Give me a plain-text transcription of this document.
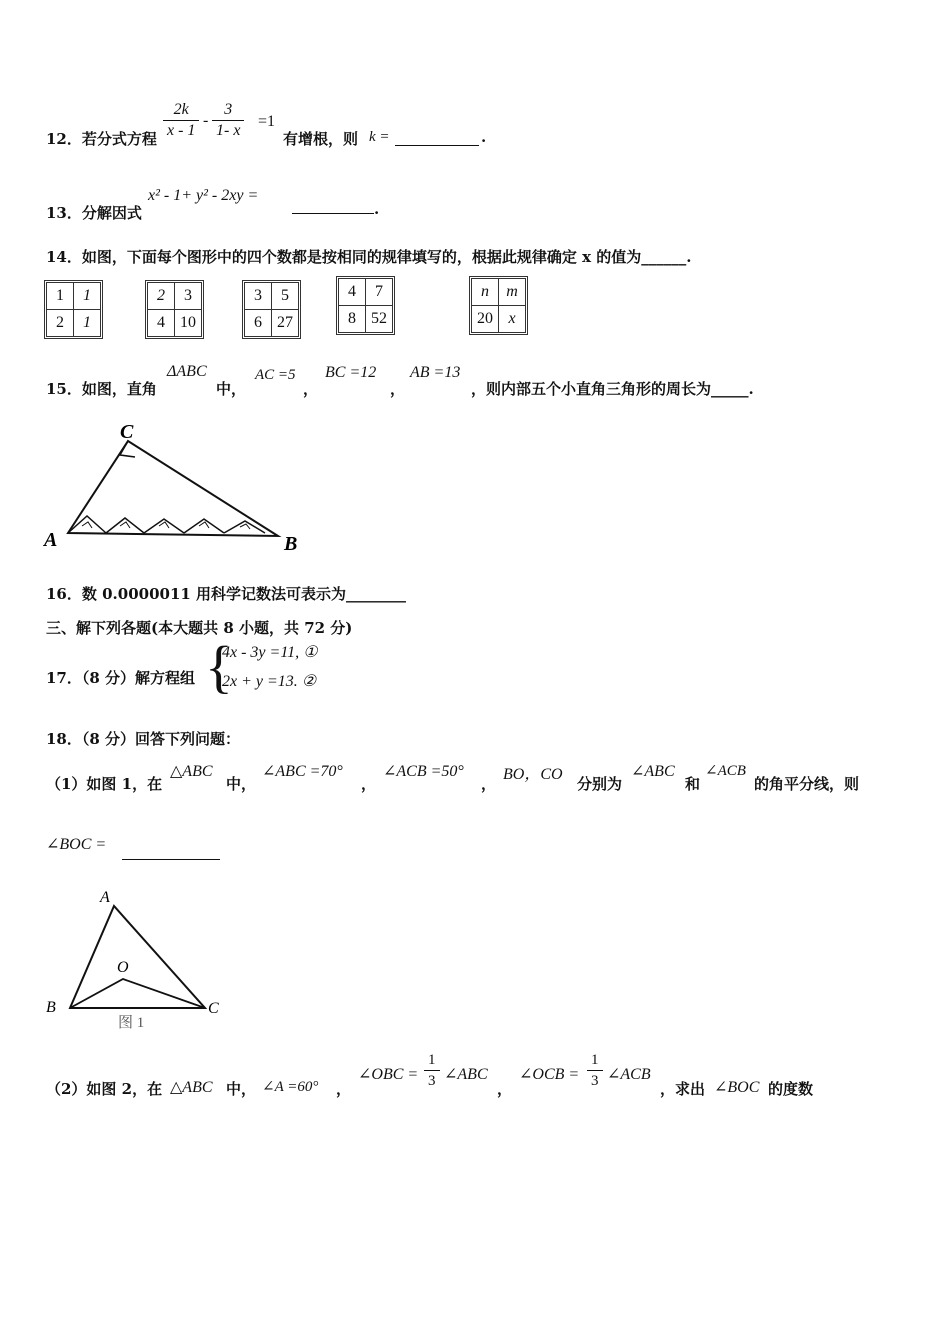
12．若分式方程 $\frac{2k}{x - 1} - \frac{3}{1- x} =1$
有增根，则 k =	.
13．分解因式
x² - 1+ y² - 2xy =
.
14．如图，下面每个图形中的四个数都是按相同的规律填写的，根据此规律确定 x 的值为______.
1	1
2	1
2	3
4	10
3	5
6	27
4	7
8	52
n	m
20	x
15．如图，直角
ΔABC
中，
AC =5
，
BC =12
，
AB =13
，则内部五个小直角三角形的周长为_____.
A	B
C
16．数 0.0000011 用科学记数法可表示为________
三、解下列各题(本大题共 8 小题，共 72 分)
17．（8 分）解方程组 {
4x - 3y =11, ①
2x + y =13. ②
18．（8 分）回答下列问题：
（1）如图 1，在
△ABC
中，
∠ABC =70°
，
∠ACB =50°
，
BO，CO
分别为
∠ABC
和
∠ACB
的角平分线，则
∠BOC =
A
O
B	C
图 1
（2）如图 2，在 △ABC 中， ∠A =60° ，
∠OBC = $\frac{1}{3}$ ∠ABC
，
∠OCB = $\frac{1}{3}$ ∠ACB
，求出 ∠BOC 的度数
